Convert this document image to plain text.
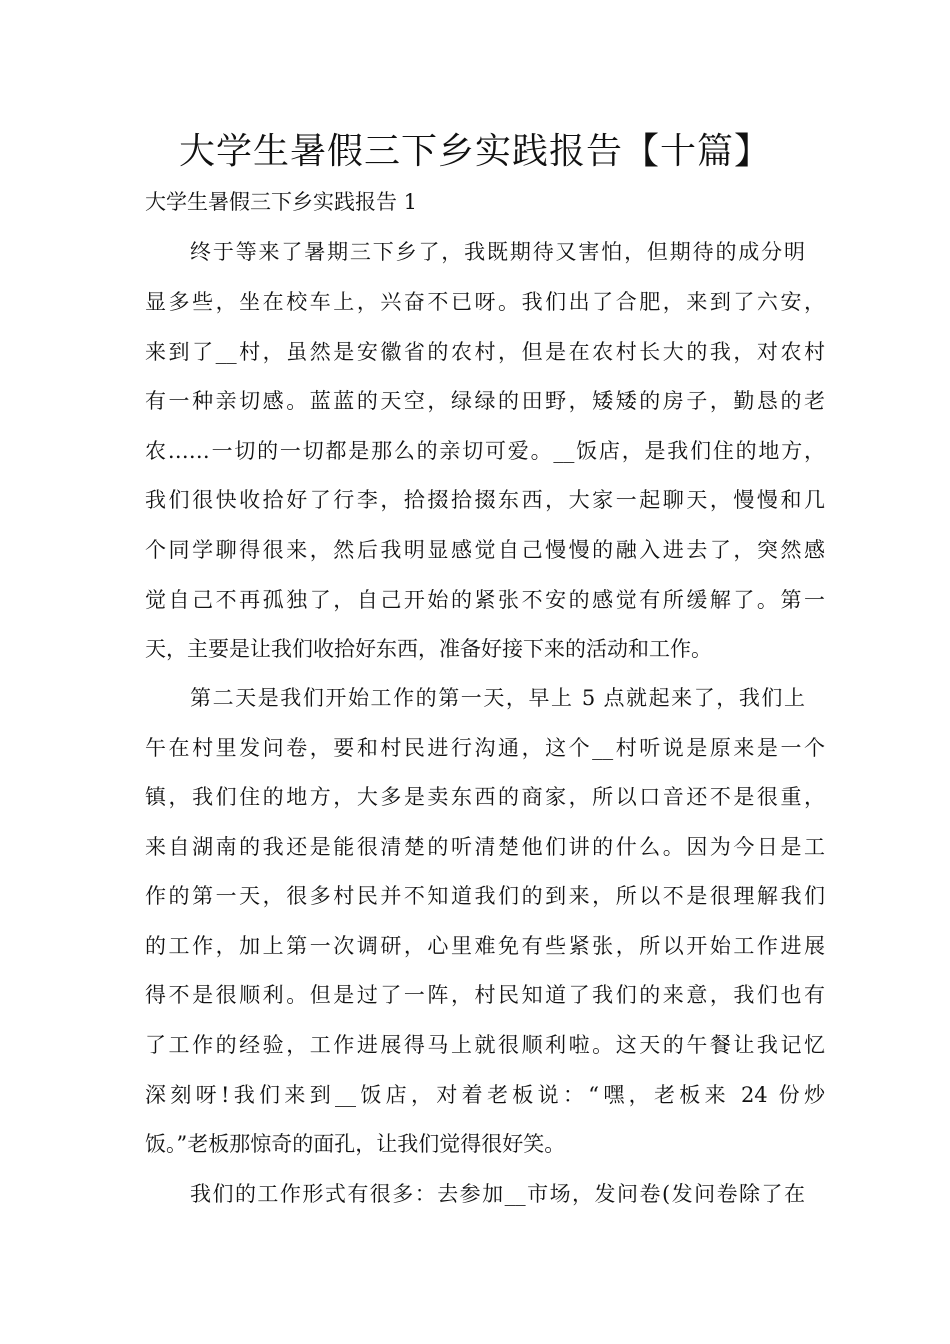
大学生暑假三下乡实践报告【十篇】

大学生暑假三下乡实践报告 1

终于等来了暑期三下乡了，我既期待又害怕，但期待的成分明
显多些，坐在校车上，兴奋不已呀。我们出了合肥，来到了六安，
来到了__村，虽然是安徽省的农村，但是在农村长大的我，对农村
有一种亲切感。蓝蓝的天空，绿绿的田野，矮矮的房子，勤恳的老
农……一切的一切都是那么的亲切可爱。__饭店，是我们住的地方，
我们很快收拾好了行李，拾掇拾掇东西，大家一起聊天，慢慢和几
个同学聊得很来，然后我明显感觉自己慢慢的融入进去了，突然感
觉自己不再孤独了，自己开始的紧张不安的感觉有所缓解了。第一
天，主要是让我们收拾好东西，准备好接下来的活动和工作。
第二天是我们开始工作的第一天，早上 5 点就起来了，我们上
午在村里发问卷，要和村民进行沟通，这个__村听说是原来是一个
镇，我们住的地方，大多是卖东西的商家，所以口音还不是很重，
来自湖南的我还是能很清楚的听清楚他们讲的什么。因为今日是工
作的第一天，很多村民并不知道我们的到来，所以不是很理解我们
的工作，加上第一次调研，心里难免有些紧张，所以开始工作进展
得不是很顺利。但是过了一阵，村民知道了我们的来意，我们也有
了工作的经验，工作进展得马上就很顺利啦。这天的午餐让我记忆
深刻呀!我们来到__饭店，对着老板说：“嘿，老板来 24 份炒
饭。”老板那惊奇的面孔，让我们觉得很好笑。
我们的工作形式有很多：去参加__市场，发问卷(发问卷除了在
